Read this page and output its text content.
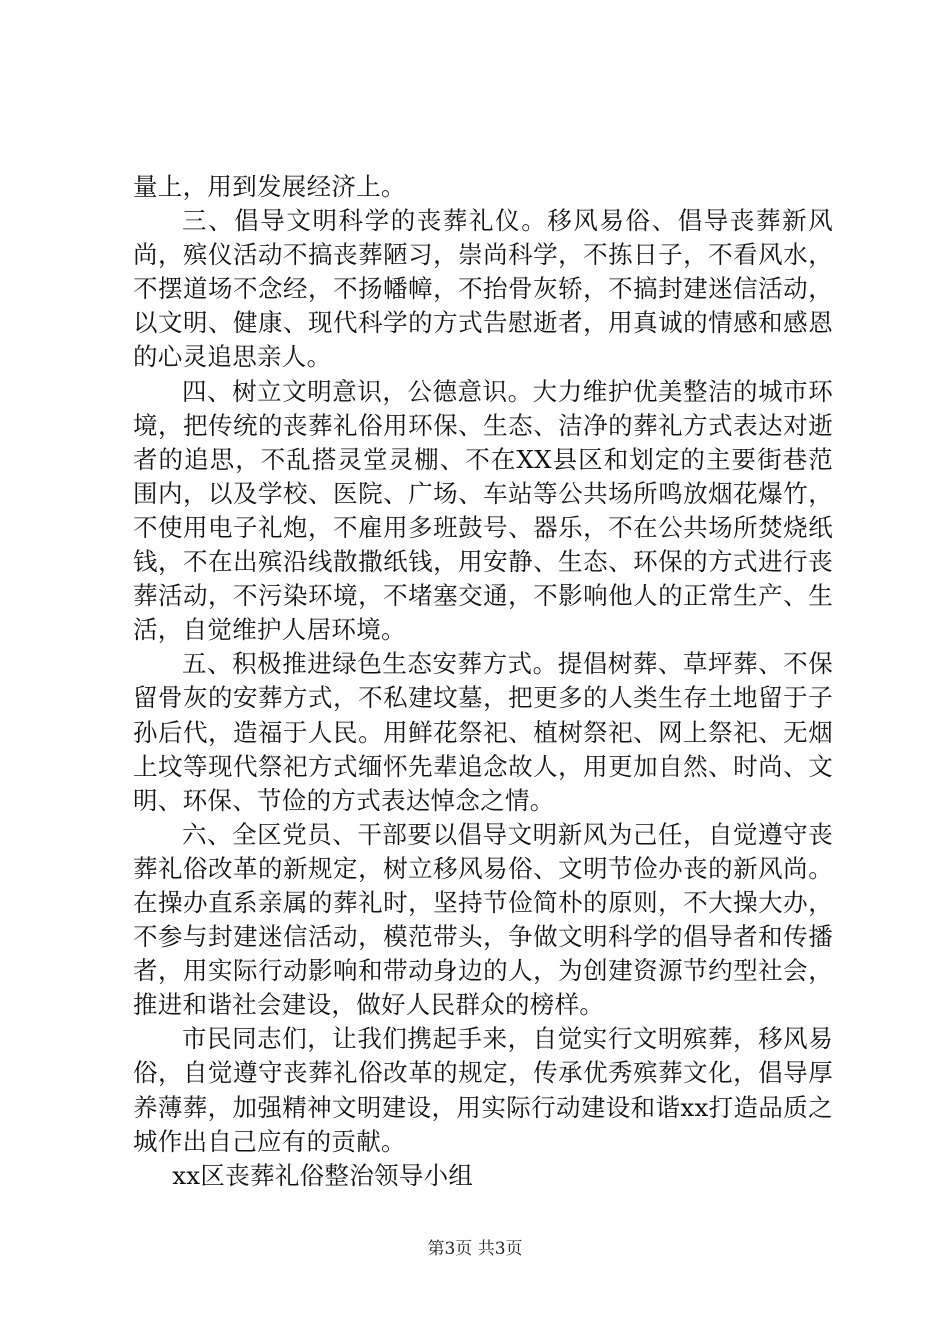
量上，用到发展经济上。

三、倡导文明科学的丧葬礼仪。移风易俗、倡导丧葬新风尚，殡仪活动不搞丧葬陋习，崇尚科学，不拣日子，不看风水，不摆道场不念经，不扬幡幛，不抬骨灰轿，不搞封建迷信活动，以文明、健康、现代科学的方式告慰逝者，用真诚的情感和感恩的心灵追思亲人。

四、树立文明意识，公德意识。大力维护优美整洁的城市环境，把传统的丧葬礼俗用环保、生态、洁净的葬礼方式表达对逝者的追思，不乱搭灵堂灵棚、不在XX县区和划定的主要街巷范围内，以及学校、医院、广场、车站等公共场所鸣放烟花爆竹，不使用电子礼炮，不雇用多班鼓号、器乐，不在公共场所焚烧纸钱，不在出殡沿线散撒纸钱，用安静、生态、环保的方式进行丧葬活动，不污染环境，不堵塞交通，不影响他人的正常生产、生活，自觉维护人居环境。

五、积极推进绿色生态安葬方式。提倡树葬、草坪葬、不保留骨灰的安葬方式，不私建坟墓，把更多的人类生存土地留于子孙后代，造福于人民。用鲜花祭祀、植树祭祀、网上祭祀、无烟上坟等现代祭祀方式缅怀先辈追念故人，用更加自然、时尚、文明、环保、节俭的方式表达悼念之情。

六、全区党员、干部要以倡导文明新风为己任，自觉遵守丧葬礼俗改革的新规定，树立移风易俗、文明节俭办丧的新风尚。在操办直系亲属的葬礼时，坚持节俭简朴的原则，不大操大办，不参与封建迷信活动，模范带头，争做文明科学的倡导者和传播者，用实际行动影响和带动身边的人，为创建资源节约型社会，推进和谐社会建设，做好人民群众的榜样。

市民同志们，让我们携起手来，自觉实行文明殡葬，移风易俗，自觉遵守丧葬礼俗改革的规定，传承优秀殡葬文化，倡导厚养薄葬，加强精神文明建设，用实际行动建设和谐xx打造品质之城作出自己应有的贡献。

xx区丧葬礼俗整治领导小组

第3页 共3页
